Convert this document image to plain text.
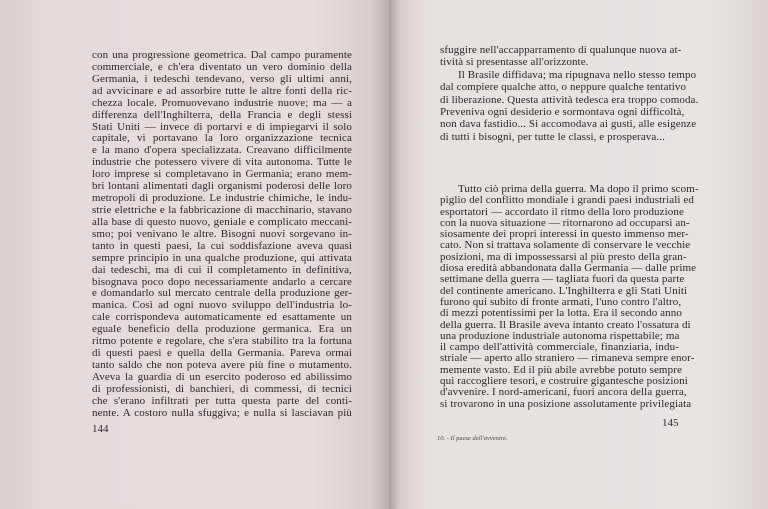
con una progressione geometrica. Dal campo puramente
commerciale, e ch'era diventato un vero dominio della
Germania, i tedeschi tendevano, verso gli ultimi anni,
ad avvicinare e ad assorbire tutte le altre fonti della ric-
chezza locale. Promuovevano industrie nuove; ma — a
differenza dell'Inghilterra, della Francia e degli stessi
Stati Uniti — invece di portarvi e di impiegarvi il solo
capitale, vi portavano la loro organizzazione tecnica
e la mano d'opera specializzata. Creavano difficilmente
industrie che potessero vivere di vita autonoma. Tutte le
loro imprese si completavano in Germania; erano mem-
bri lontani alimentati dagli organismi poderosi delle loro
metropoli di produzione. Le industrie chimiche, le indu-
strie elettriche e la fabbricazione di macchinario, stavano
alla base di questo nuovo, geniale e complicato meccani-
smo; poi venivano le altre. Bisogni nuovi sorgevano in-
tanto in questi paesi, la cui soddisfazione aveva quasi
sempre principio in una qualche produzione, qui attivata
dai tedeschi, ma di cui il completamento in definitiva,
bisognava poco dopo necessariamente andarlo a cercare
e domandarlo sul mercato centrale della produzione ger-
manica. Così ad ogni nuovo sviluppo dell'industria lo-
cale corrispondeva automaticamente ed esattamente un
eguale beneficio della produzione germanica. Era un
ritmo potente e regolare, che s'era stabilito tra la fortuna
di questi paesi e quella della Germania. Pareva ormai
tanto saldo che non poteva avere più fine o mutamento.
Aveva la guardia di un esercito poderoso ed abilissimo
di professionisti, di banchieri, di commessi, di tecnici
che s'erano infiltrati per tutta questa parte del conti-
nente. A costoro nulla sfuggiva; e nulla si lasciavan più
sfuggire nell'accapparramento di qualunque nuova at-
tività si presentasse all'orizzonte.
Il Brasile diffidava; ma ripugnava nello stesso tempo
dal compiere qualche atto, o neppure qualche tentativo
di liberazione. Questa attività tedesca era troppo comoda.
Preveniva ogni desiderio e sormontava ogni difficoltà,
non dava fastidio... Si accomodava ai gusti, alle esigenze
di tutti i bisogni, per tutte le classi, e prosperava...
Tutto ciò prima della guerra. Ma dopo il primo scom-
piglio del conflitto mondiale i grandi paesi industriali ed
esportatori — accordato il ritmo della loro produzione
con la nuova situazione — ritornarono ad occuparsi an-
siosamente dei propri interessi in questo immenso mer-
cato. Non si trattava solamente di conservare le vecchie
posizioni, ma di impossessarsi al più presto della gran-
diosa eredità abbandonata dalla Germania — dalle prime
settimane della guerra — tagliata fuori da questa parte
del continente americano. L'Inghilterra e gli Stati Uniti
furono qui subito di fronte armati, l'uno contro l'altro,
di mezzi potentissimi per la lotta. Era il secondo anno
della guerra. Il Brasile aveva intanto creato l'ossatura di
una produzione industriale autonoma rispettabile; ma
il campo dell'attività commerciale, finanziaria, indu-
striale — aperto allo straniero — rimaneva sempre enor-
memente vasto. Ed il più abile avrebbe potuto sempre
qui raccogliere tesori, e costruire gigantesche posizioni
d'avvenire. I nord-americani, fuori ancora della guerra,
si trovarono in una posizione assolutamente privilegiata
144	145
10. - Il paese dell'avvenire.
